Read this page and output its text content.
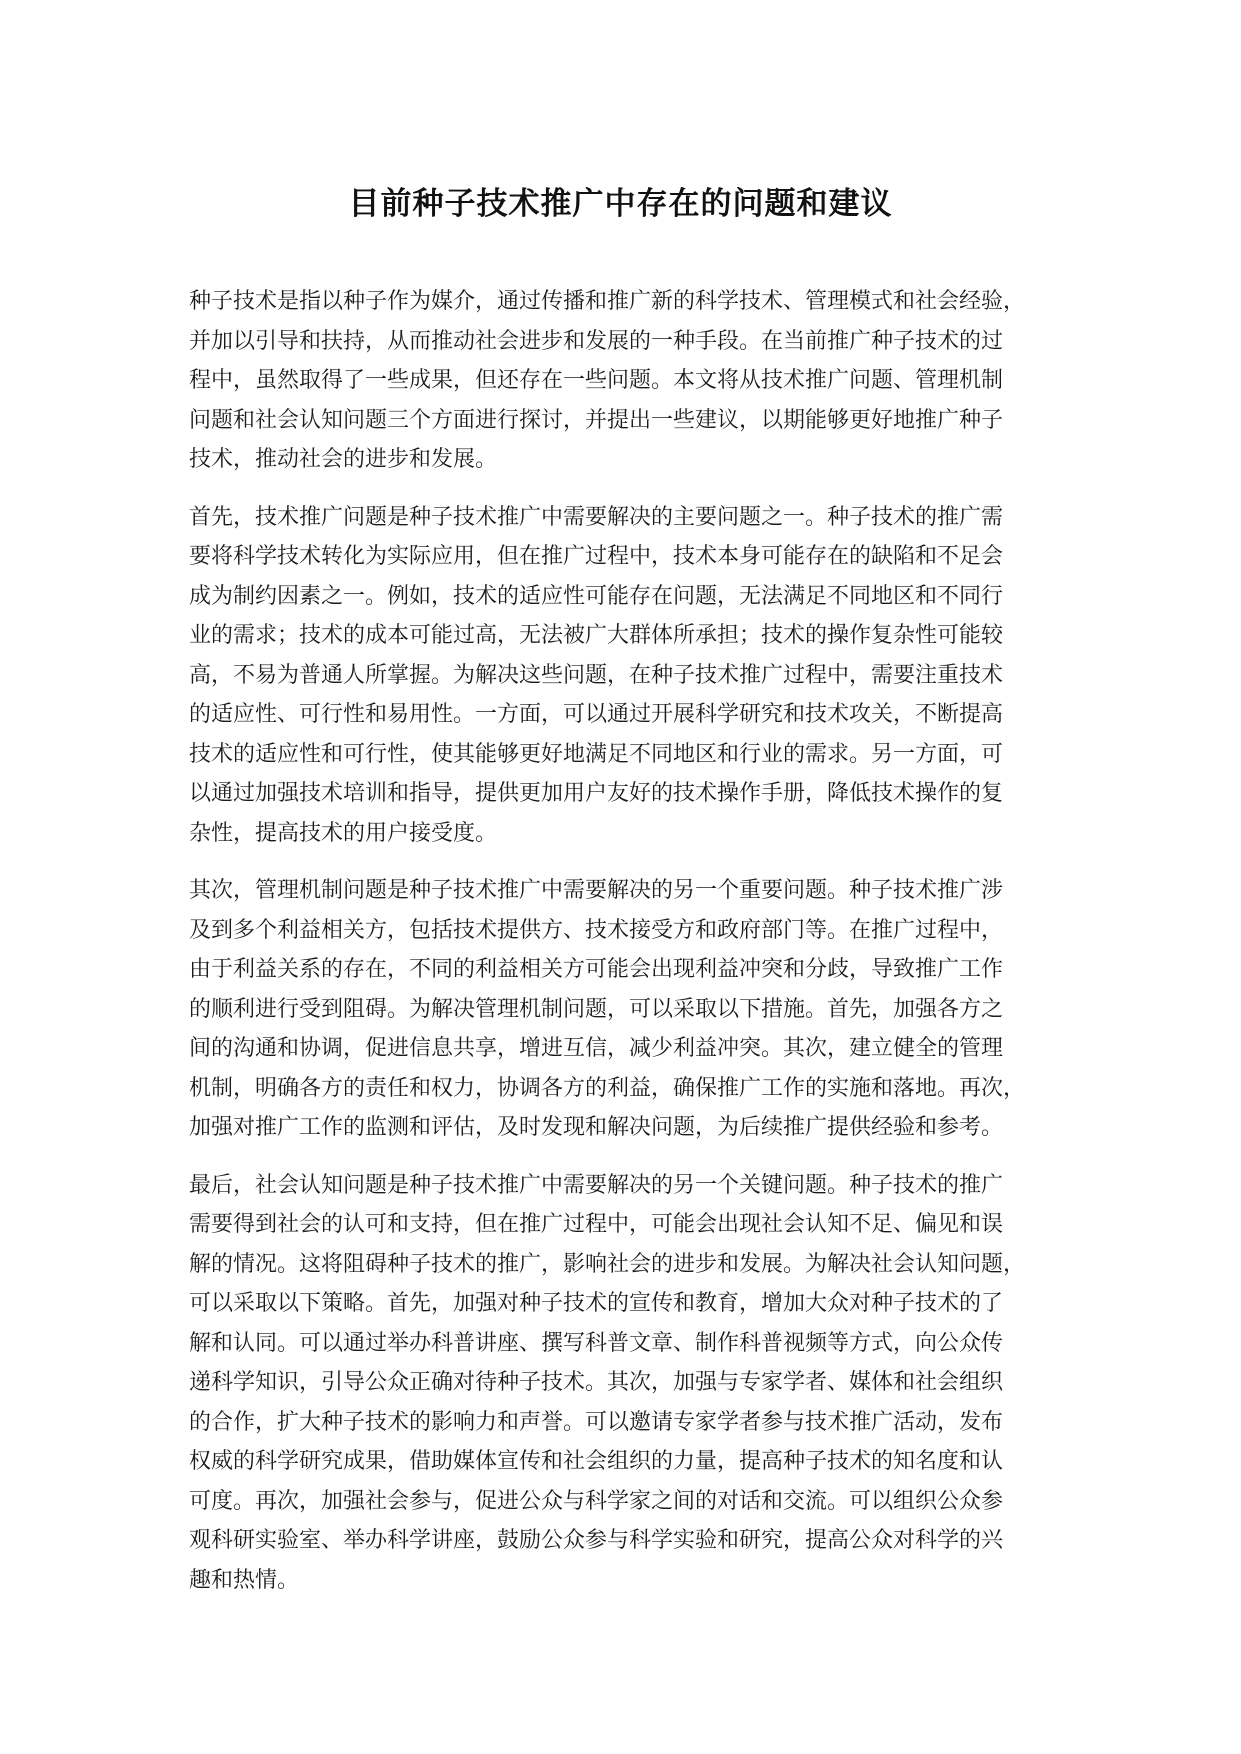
目前种子技术推广中存在的问题和建议

种子技术是指以种子作为媒介，通过传播和推广新的科学技术、管理模式和社会经验，
并加以引导和扶持，从而推动社会进步和发展的一种手段。在当前推广种子技术的过
程中，虽然取得了一些成果，但还存在一些问题。本文将从技术推广问题、管理机制
问题和社会认知问题三个方面进行探讨，并提出一些建议，以期能够更好地推广种子
技术，推动社会的进步和发展。

首先，技术推广问题是种子技术推广中需要解决的主要问题之一。种子技术的推广需
要将科学技术转化为实际应用，但在推广过程中，技术本身可能存在的缺陷和不足会
成为制约因素之一。例如，技术的适应性可能存在问题，无法满足不同地区和不同行
业的需求；技术的成本可能过高，无法被广大群体所承担；技术的操作复杂性可能较
高，不易为普通人所掌握。为解决这些问题，在种子技术推广过程中，需要注重技术
的适应性、可行性和易用性。一方面，可以通过开展科学研究和技术攻关，不断提高
技术的适应性和可行性，使其能够更好地满足不同地区和行业的需求。另一方面，可
以通过加强技术培训和指导，提供更加用户友好的技术操作手册，降低技术操作的复
杂性，提高技术的用户接受度。

其次，管理机制问题是种子技术推广中需要解决的另一个重要问题。种子技术推广涉
及到多个利益相关方，包括技术提供方、技术接受方和政府部门等。在推广过程中，
由于利益关系的存在，不同的利益相关方可能会出现利益冲突和分歧，导致推广工作
的顺利进行受到阻碍。为解决管理机制问题，可以采取以下措施。首先，加强各方之
间的沟通和协调，促进信息共享，增进互信，减少利益冲突。其次，建立健全的管理
机制，明确各方的责任和权力，协调各方的利益，确保推广工作的实施和落地。再次，
加强对推广工作的监测和评估，及时发现和解决问题，为后续推广提供经验和参考。

最后，社会认知问题是种子技术推广中需要解决的另一个关键问题。种子技术的推广
需要得到社会的认可和支持，但在推广过程中，可能会出现社会认知不足、偏见和误
解的情况。这将阻碍种子技术的推广，影响社会的进步和发展。为解决社会认知问题，
可以采取以下策略。首先，加强对种子技术的宣传和教育，增加大众对种子技术的了
解和认同。可以通过举办科普讲座、撰写科普文章、制作科普视频等方式，向公众传
递科学知识，引导公众正确对待种子技术。其次，加强与专家学者、媒体和社会组织
的合作，扩大种子技术的影响力和声誉。可以邀请专家学者参与技术推广活动，发布
权威的科学研究成果，借助媒体宣传和社会组织的力量，提高种子技术的知名度和认
可度。再次，加强社会参与，促进公众与科学家之间的对话和交流。可以组织公众参
观科研实验室、举办科学讲座，鼓励公众参与科学实验和研究，提高公众对科学的兴
趣和热情。
